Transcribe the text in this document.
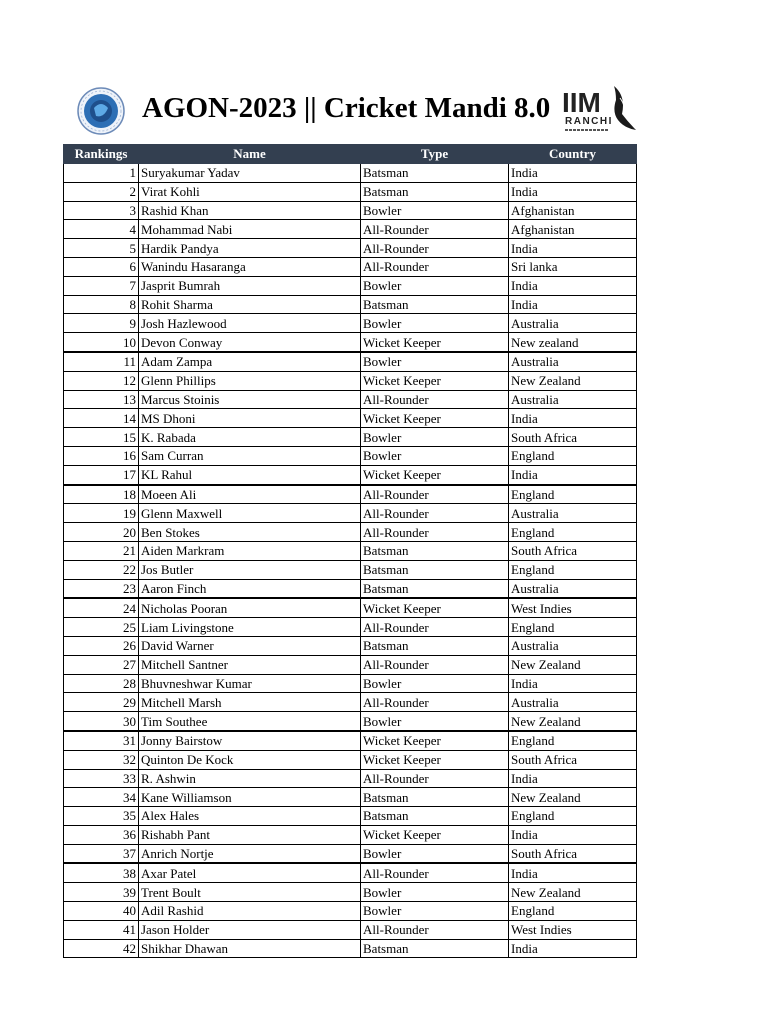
AGON-2023 || Cricket Mandi 8.0 IIM
RANCHI
Rankings	Name	Type	Country
1	Suryakumar Yadav	Batsman	India
2	Virat Kohli	Batsman	India
3	Rashid Khan	Bowler	Afghanistan
4	Mohammad Nabi	All-Rounder	Afghanistan
5	Hardik Pandya	All-Rounder	India
6	Wanindu Hasaranga	All-Rounder	Sri lanka
7	Jasprit Bumrah	Bowler	India
8	Rohit Sharma	Batsman	India
9	Josh Hazlewood	Bowler	Australia
10	Devon Conway	Wicket Keeper	New zealand
11	Adam Zampa	Bowler	Australia
12	Glenn Phillips	Wicket Keeper	New Zealand
13	Marcus Stoinis	All-Rounder	Australia
14	MS Dhoni	Wicket Keeper	India
15	K. Rabada	Bowler	South Africa
16	Sam Curran	Bowler	England
17	KL Rahul	Wicket Keeper	India
18	Moeen Ali	All-Rounder	England
19	Glenn Maxwell	All-Rounder	Australia
20	Ben Stokes	All-Rounder	England
21	Aiden Markram	Batsman	South Africa
22	Jos Butler	Batsman	England
23	Aaron Finch	Batsman	Australia
24	Nicholas Pooran	Wicket Keeper	West Indies
25	Liam Livingstone	All-Rounder	England
26	David Warner	Batsman	Australia
27	Mitchell Santner	All-Rounder	New Zealand
28	Bhuvneshwar Kumar	Bowler	India
29	Mitchell Marsh	All-Rounder	Australia
30	Tim Southee	Bowler	New Zealand
31	Jonny Bairstow	Wicket Keeper	England
32	Quinton De Kock	Wicket Keeper	South Africa
33	R. Ashwin	All-Rounder	India
34	Kane Williamson	Batsman	New Zealand
35	Alex Hales	Batsman	England
36	Rishabh Pant	Wicket Keeper	India
37	Anrich Nortje	Bowler	South Africa
38	Axar Patel	All-Rounder	India
39	Trent Boult	Bowler	New Zealand
40	Adil Rashid	Bowler	England
41	Jason Holder	All-Rounder	West Indies
42	Shikhar Dhawan	Batsman	India
